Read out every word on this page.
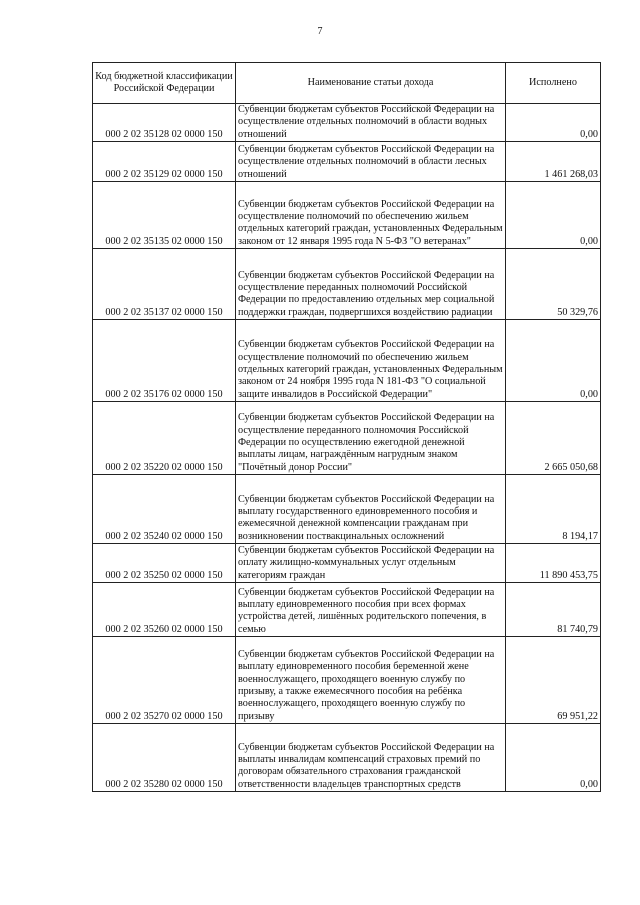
7
Код бюджетной классификации Российской Федерации	Наименование статьи дохода	Исполнено
000 2 02 35128 02 0000 150	Субвенции бюджетам субъектов Российской Федерации на осуществление отдельных полномочий в области водных отношений	0,00
000 2 02 35129 02 0000 150	Субвенции бюджетам субъектов Российской Федерации на осуществление отдельных полномочий в области лесных отношений	1 461 268,03
000 2 02 35135 02 0000 150	Субвенции бюджетам субъектов Российской Федерации на осуществление полномочий по обеспечению жильем отдельных категорий граждан, установленных Федеральным законом от 12 января 1995 года N 5-ФЗ "О ветеранах"	0,00
000 2 02 35137 02 0000 150	Субвенции бюджетам субъектов Российской Федерации на осуществление переданных полномочий Российской Федерации по предоставлению отдельных мер социальной поддержки граждан, подвергшихся воздействию радиации	50 329,76
000 2 02 35176 02 0000 150	Субвенции бюджетам субъектов Российской Федерации на осуществление полномочий по обеспечению жильем отдельных категорий граждан, установленных Федеральным законом от 24 ноября 1995 года N 181-ФЗ "О социальной защите инвалидов в Российской Федерации"	0,00
000 2 02 35220 02 0000 150	Субвенции бюджетам субъектов Российской Федерации на осуществление переданного полномочия Российской Федерации по осуществлению ежегодной денежной выплаты лицам, награждённым нагрудным знаком "Почётный донор России"	2 665 050,68
000 2 02 35240 02 0000 150	Субвенции бюджетам субъектов Российской Федерации на выплату государственного единовременного пособия и ежемесячной денежной компенсации гражданам при возникновении поствакцинальных осложнений	8 194,17
000 2 02 35250 02 0000 150	Субвенции бюджетам субъектов Российской Федерации на оплату жилищно-коммунальных услуг отдельным категориям граждан	11 890 453,75
000 2 02 35260 02 0000 150	Субвенции бюджетам субъектов Российской Федерации на выплату единовременного пособия при всех формах устройства детей, лишённых родительского попечения, в семью	81 740,79
000 2 02 35270 02 0000 150	Субвенции бюджетам субъектов Российской Федерации на выплату единовременного пособия беременной жене военнослужащего, проходящего военную службу по призыву, а также ежемесячного пособия на ребёнка военнослужащего, проходящего военную службу по призыву	69 951,22
000 2 02 35280 02 0000 150	Субвенции бюджетам субъектов Российской Федерации на выплаты инвалидам компенсаций страховых премий по договорам обязательного страхования гражданской ответственности владельцев транспортных средств	0,00
